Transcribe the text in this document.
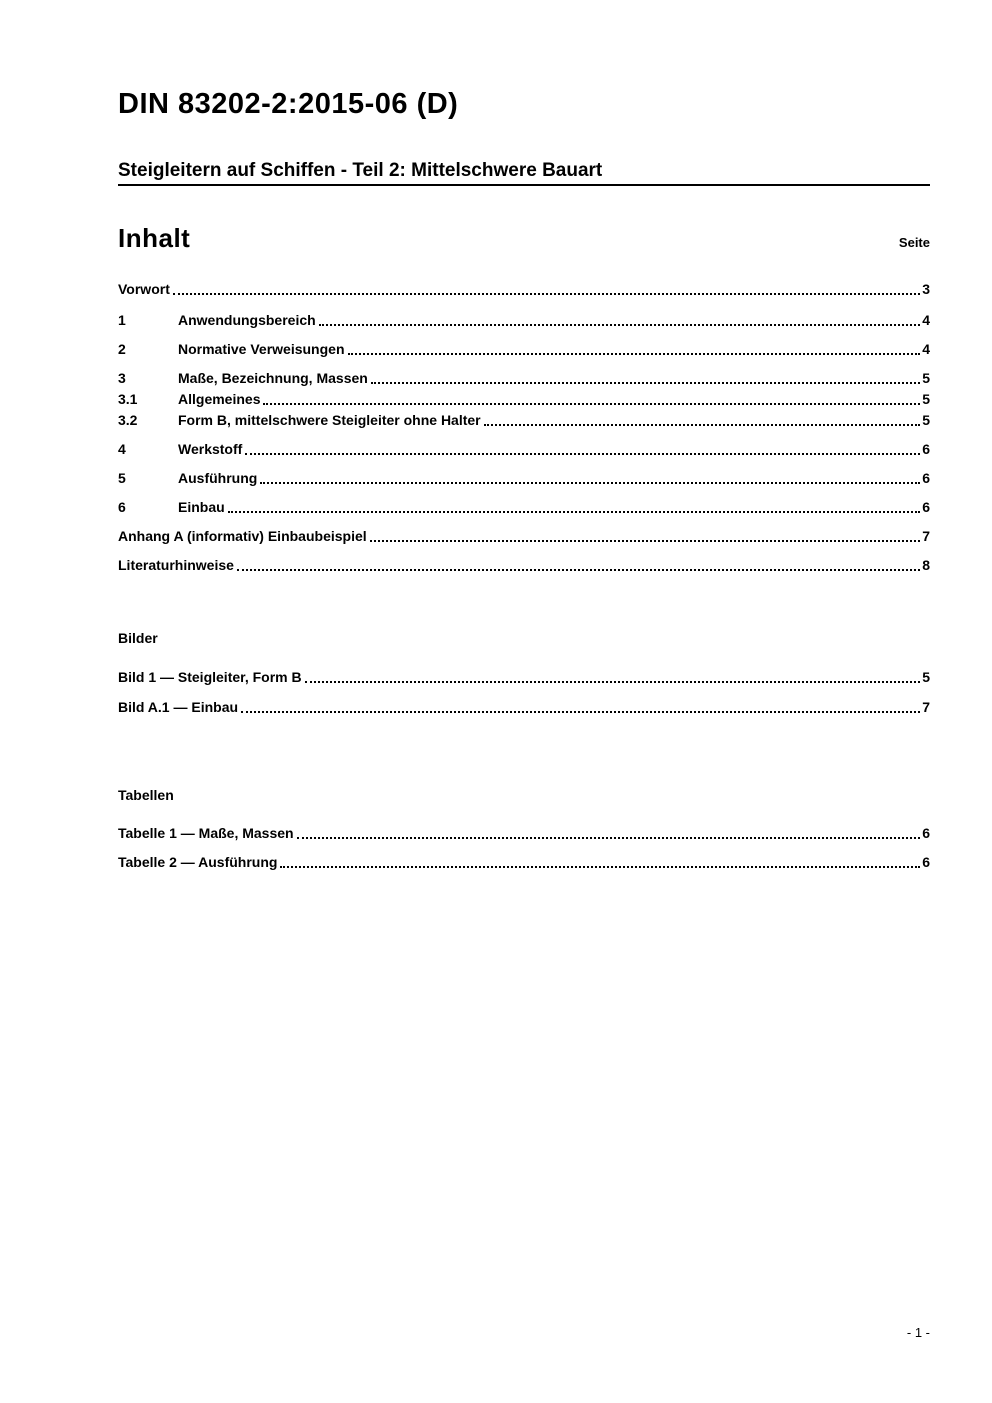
DIN 83202-2:2015-06 (D)
Steigleitern auf Schiffen - Teil 2: Mittelschwere Bauart
Inhalt	Seite
Vorwort	3
1	Anwendungsbereich	4
2	Normative Verweisungen	4
3	Maße, Bezeichnung, Massen	5
3.1	Allgemeines	5
3.2	Form B, mittelschwere Steigleiter ohne Halter	5
4	Werkstoff	6
5	Ausführung	6
6	Einbau	6
Anhang A (informativ) Einbaubeispiel	7
Literaturhinweise	8
Bilder
Bild 1 — Steigleiter, Form B	5
Bild A.1 — Einbau	7
Tabellen
Tabelle 1 — Maße, Massen	6
Tabelle 2 — Ausführung	6
- 1 -
